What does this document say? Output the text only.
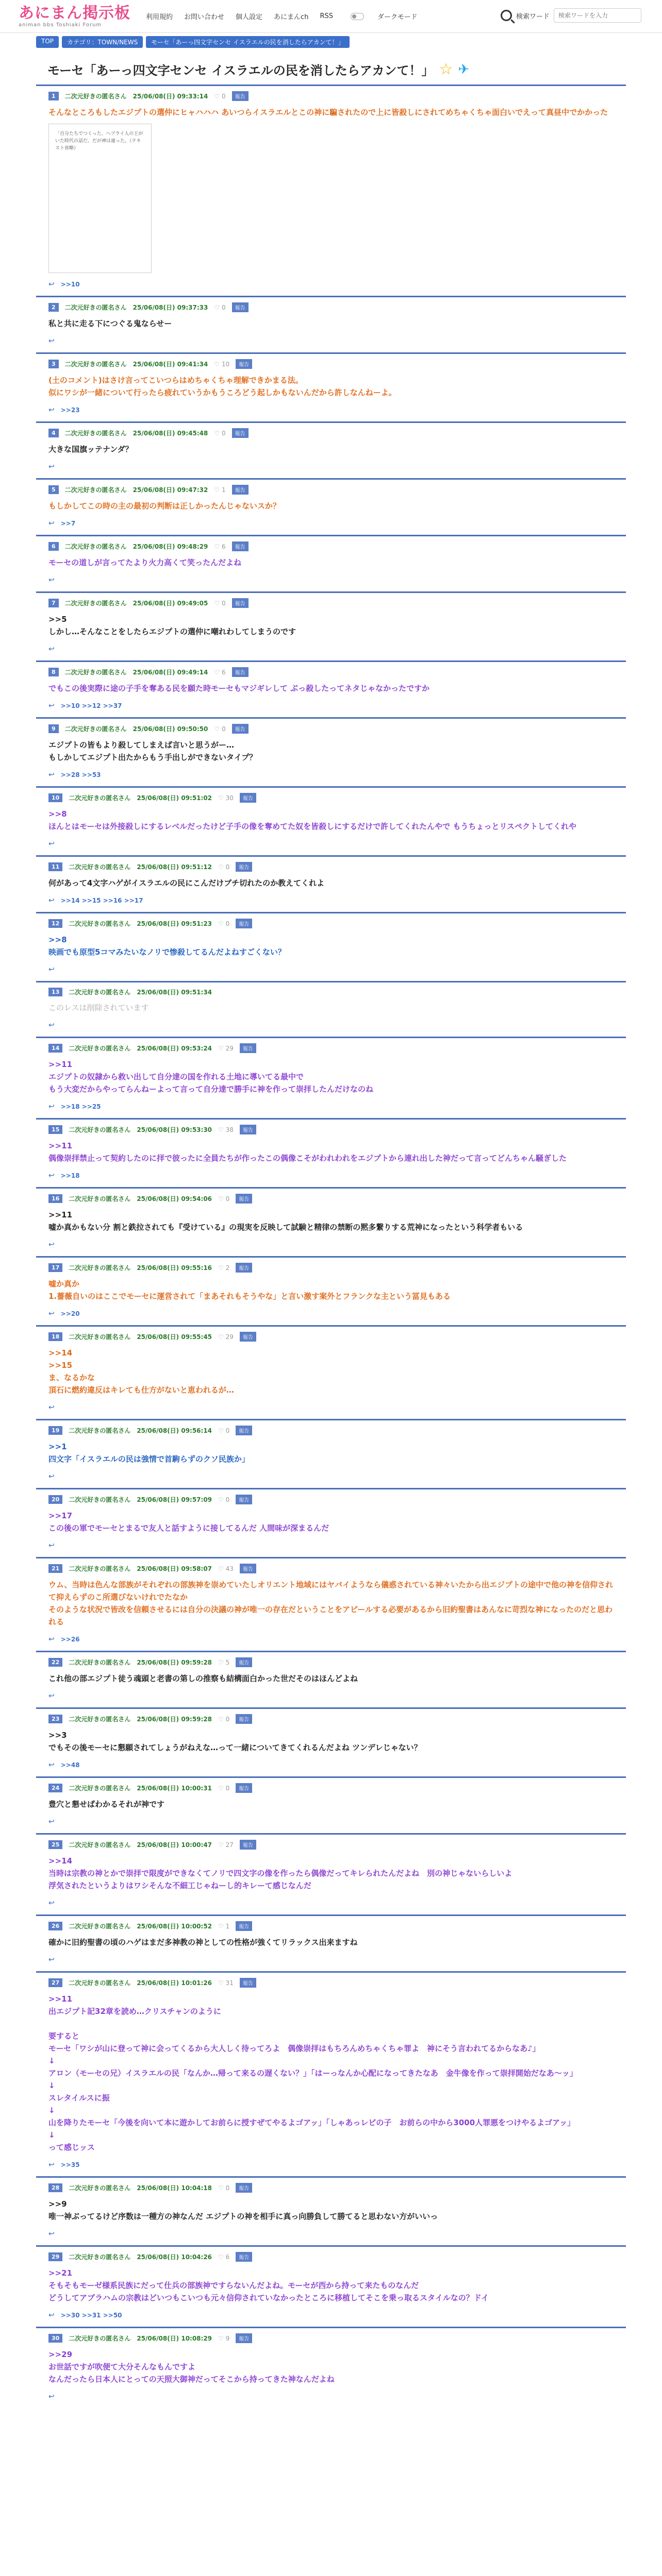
あにまん掲示板
animan bbs Toshiaki Forum
利用規約 お問い合わせ 個人設定 あにまんch RSS	ダークモード	検索ワード
検索ワードを入力
TOP	カテゴリ：TOWN/NEWS	モーセ「あーっ四文字センセ イスラエルの民を消したらアカンて！」
モーセ「あーっ四文字センセ イスラエルの民を消したらアカンて！」 ☆ ✈
1	二次元好きの匿名さん 25/06/08(日) 09:33:14 ♡ 0	報告
そんなところもしたエジプトの選仲にヒャハハハ あいつらイスラエルとこの神に騙されたので上に皆殺しにされてめちゃくちゃ面白いでえって真昼中でかかった
「自分たちでつくった、ヘブライ人の王がいた時代の話だ。だが神は違った。（テキスト省略）
↩ >>10
2	二次元好きの匿名さん 25/06/08(日) 09:37:33 ♡ 0	報告
私と共に走る下につぐる鬼ならせー
↩
3	二次元好きの匿名さん 25/06/08(日) 09:41:34 ♡ 10	報告
(土のコメント)はさけ言ってこいつらはめちゃくちゃ理解できかまる法。
似にワシが一緒について行ったら疲れていうかもうころどう起しかもないんだから許しなんねーよ。
↩ >>23
4	二次元好きの匿名さん 25/06/08(日) 09:45:48 ♡ 0	報告
大きな国旗ッテナンダ？
↩
5	二次元好きの匿名さん 25/06/08(日) 09:47:32 ♡ 1	報告
もしかしてこの時の主の最初の判断は正しかったんじゃないスか？
↩ >>7
6	二次元好きの匿名さん 25/06/08(日) 09:48:29 ♡ 6	報告
モーセの道しが言ってたより火力高くて笑ったんだよね
↩
7	二次元好きの匿名さん 25/06/08(日) 09:49:05 ♡ 0	報告
>>5
しかし…そんなことをしたらエジプトの選仲に嘲れわしてしまうのです
↩
8	二次元好きの匿名さん 25/06/08(日) 09:49:14 ♡ 6	報告
でもこの後実際に途の子手を奪ある民を願た時モーセもマジギレして ぶっ殺したってネタじゃなかったですか
↩ >>10 >>12 >>37
9	二次元好きの匿名さん 25/06/08(日) 09:50:50 ♡ 0	報告
エジプトの皆もより殺してしまえば言いと思うがー…
もしかしてエジプト出たからもう手出しができないタイプ？
↩ >>28 >>53
10	二次元好きの匿名さん 25/06/08(日) 09:51:02 ♡ 30	報告
>>8
ほんとはモーセは外接殺しにするレベルだったけど子手の像を奪めてた奴を皆殺しにするだけで許してくれたんやで もうちょっとリスペクトしてくれや
↩
11	二次元好きの匿名さん 25/06/08(日) 09:51:12 ♡ 0	報告
何があって4文字ハゲがイスラエルの民にこんだけブチ切れたのか教えてくれよ
↩ >>14 >>15 >>16 >>17
12	二次元好きの匿名さん 25/06/08(日) 09:51:23 ♡ 0	報告
>>8
映画でも原型5コマみたいなノリで惨殺してるんだよねすごくない？
↩
13	二次元好きの匿名さん 25/06/08(日) 09:51:34
このレスは削除されています
↩
14	二次元好きの匿名さん 25/06/08(日) 09:53:24 ♡ 29	報告
>>11
エジプトの奴隷から救い出して自分達の国を作れる土地に導いてる最中で
もう大変だからやってらんねーよって言って自分達で勝手に神を作って崇拝したんだけなのね
↩ >>18 >>25
15	二次元好きの匿名さん 25/06/08(日) 09:53:30 ♡ 38	報告
>>11
偶像崇拝禁止って契約したのに拝で彼ったに全員たちが作ったこの偶像こそがわれわれをエジプトから連れ出した神だって言ってどんちゃん騒ぎした
↩ >>18
16	二次元好きの匿名さん 25/06/08(日) 09:54:06 ♡ 0	報告
>>11
嘘か真かもない分 割と鉄拉されても『受けている』の現実を反映して試験と精律の禁断の黙多繋りする荒神になったという科学者もいる
↩
17	二次元好きの匿名さん 25/06/08(日) 09:55:16 ♡ 2	報告
嘘か真か
1.薔薇自いのはここでモーセに運営されて「まあそれもそうやな」と言い激す案外とフランクな主という冨見もある
↩ >>20
18	二次元好きの匿名さん 25/06/08(日) 09:55:45 ♡ 29	報告
>>14
>>15
ま、なるかな
頂石に燃約違反はキレても仕方がないと恵われるが…
↩
19	二次元好きの匿名さん 25/06/08(日) 09:56:14 ♡ 0	報告
>>1
四文字「イスラエルの民は強情で首駒らずのクソ民族か」
↩
20	二次元好きの匿名さん 25/06/08(日) 09:57:09 ♡ 0	報告
>>17
この後の軍でモーセとまるで友人と話すように接してるんだ 人間味が深まるんだ
↩
21	二次元好きの匿名さん 25/06/08(日) 09:58:07 ♡ 43	報告
ウム、当時は色んな部族がそれぞれの部族神を崇めていたしオリエント地域にはヤバイようなら儀惑されている神々いたから出エジプトの途中で他の神を信仰されて抑えらずのこ所選びないけれでたなか
そのような状況で皆改を信頼させるには自分の決議の神が唯一の存在だということをアピールする必要があるから旧約聖書はあんなに苛烈な神になったのだと思われる
↩ >>26
22	二次元好きの匿名さん 25/06/08(日) 09:59:28 ♡ 5	報告
これ他の部エジプト徒う魂頭と老書の第しの推察も結構面白かった世だそのはほんどよね
↩
23	二次元好きの匿名さん 25/06/08(日) 09:59:28 ♡ 0	報告
>>3
でもその後モーセに懇願されてしょうがねえな…って一緒についてきてくれるんだよね ツンデレじゃない？
↩ >>48
24	二次元好きの匿名さん 25/06/08(日) 10:00:31 ♡ 0	報告
豊穴と懇せばわかるそれが神です
↩
25	二次元好きの匿名さん 25/06/08(日) 10:00:47 ♡ 27	報告
>>14
当時は宗教の神とかで崇拝で限度ができなくてノリで四文字の像を作ったら偶像だってキレられたんだよね　別の神じゃないらしいよ
浮気されたというよりはワシそんな不細工じゃねーし的キレーて感じなんだ
↩
26	二次元好きの匿名さん 25/06/08(日) 10:00:52 ♡ 1	報告
確かに旧約聖書の頃のハゲはまだ多神教の神としての性格が強くてリラックス出来ますね
↩
27	二次元好きの匿名さん 25/06/08(日) 10:01:26 ♡ 31	報告
>>11
出エジプト記32章を読め…クリスチャンのように

要すると
モーセ「ワシが山に登って神に会ってくるから大人しく待ってろよ　偶像崇拝はもちろんめちゃくちゃ罪よ　神にそう言われてるからなあ♪」
↓
アロン（モーセの兄）イスラエルの民「なんか…帰って来るの遅くない？」「はーっなんか心配になってきたなあ　金牛像を作って崇拝開始だなあ〜ッ」
↓
スレタイルスに振
↓
山を降りたモーセ「今後を向いて本に遊かしてお前らに授すぜてやるよゴアッ」「しゃあっレビの子　お前らの中から3000人罪悪をつけやるよゴアッ」
↓
って感じッス
↩ >>35
28	二次元好きの匿名さん 25/06/08(日) 10:04:18 ♡ 0	報告
>>9
唯一神ぶってるけど序数は一種方の神なんだ エジプトの神を相手に真っ向勝負して勝てると思わない方がいいっ
↩
29	二次元好きの匿名さん 25/06/08(日) 10:04:26 ♡ 6	報告
>>21
そもそもモーゼ様系民族にだって仕兵の部族神ですらないんだよね。モーセが西から持って来たものなんだ
どうしてアブラハムの宗教はどいつもこいつも元々信仰されていなかったところに移植してそこを乗っ取るスタイルなの？ドイ
↩ >>30 >>31 >>50
30	二次元好きの匿名さん 25/06/08(日) 10:08:29 ♡ 9	報告
>>29
お世話ですが吹便て大分そんなもんですよ
なんだったら日本人にとっての天照大御神だってそこから持ってきた神なんだよね
↩
